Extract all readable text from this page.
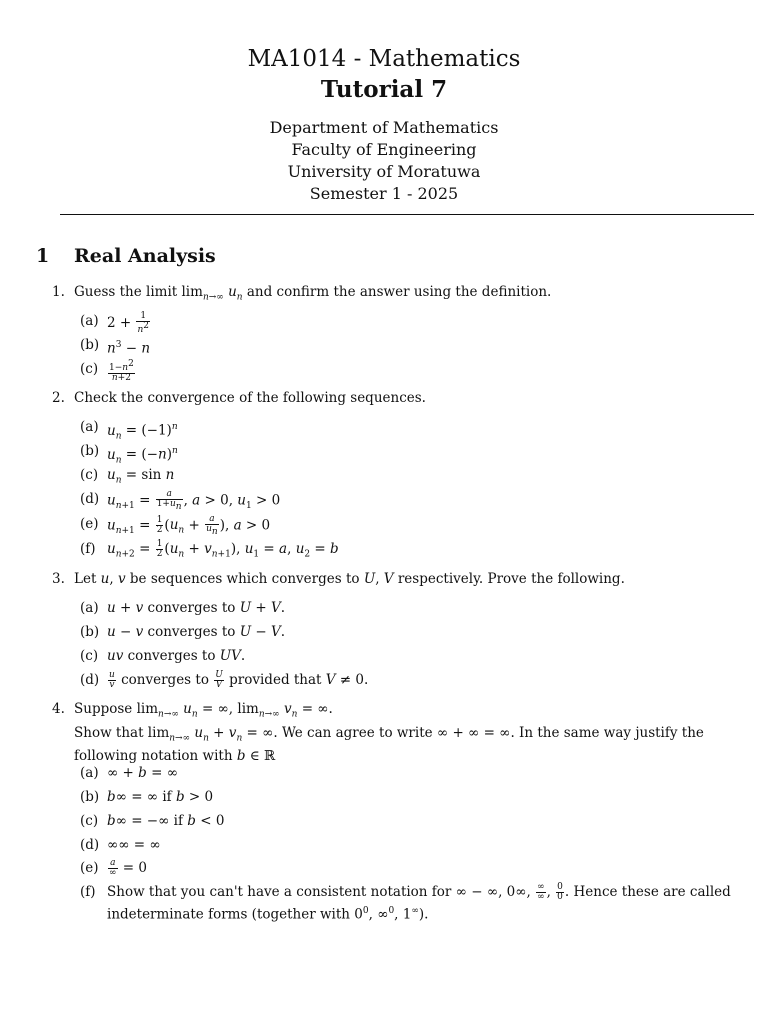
MA1014 - Mathematics
Tutorial 7
Department of Mathematics
Faculty of Engineering
University of Moratuwa
Semester 1 - 2025
1 Real Analysis
1. Guess the limit $\lim_{n\to\infty} u_n$ and confirm the answer using the definition.
(a) $2 + \frac{1}{n^2}$
(b) $n^3 - n$
$(c) \frac{1-n^2}{n+2}$
2. Check the convergence of the following sequences.
(a) $u_n = (-1)^n$
(b) $u_n = (-n)^n$
(c) $u_n = \sin n$
(d) $u_{n+1} = \frac{a}{1+u_n}$ , a > 0, $u_1 > 0$
(e) $u_{n+1} = \frac{1}{2} (u_n + \frac{a}{u_n}$ ), a > 0
(f) $u_{n+2} = \frac{1}{2} (u_n + v_{n+1})$, $u_1 = a$, $u_2 = b$
3. Let u, v be sequences which converges to U, V respectively. Prove the following.
(a) u + v converges to U + V.
(b) u − v converges to U − V.
(c) uv converges to UV.
$(d) \frac{u}{v}$ converges to $\frac{U}{V}$ provided that V ≠ 0.
4. Suppose $\lim_{n\to\infty} u_n$ = ∞, $\lim_{n\to\infty} v_n$ = ∞.
Show that $\lim_{n\to\infty} u_n + v_n$ = ∞. We can agree to write ∞ + ∞ = ∞. In the same way justify the
following notation with b ∈ ℝ
(a) ∞ + b = ∞
(b) b∞ = ∞ if b > 0
(c) b∞ = −∞ if b < 0
(d) ∞∞ = ∞
$(e) \frac{a}{\infty} = 0$
(f) Show that you can't have a consistent notation for ∞ − ∞, 0∞, $\frac{\infty}{\infty}$ , $\frac{0}{0}$ . Hence these are called
indeterminate forms (together with $0^0$, ∞$^0$, 1∞).
